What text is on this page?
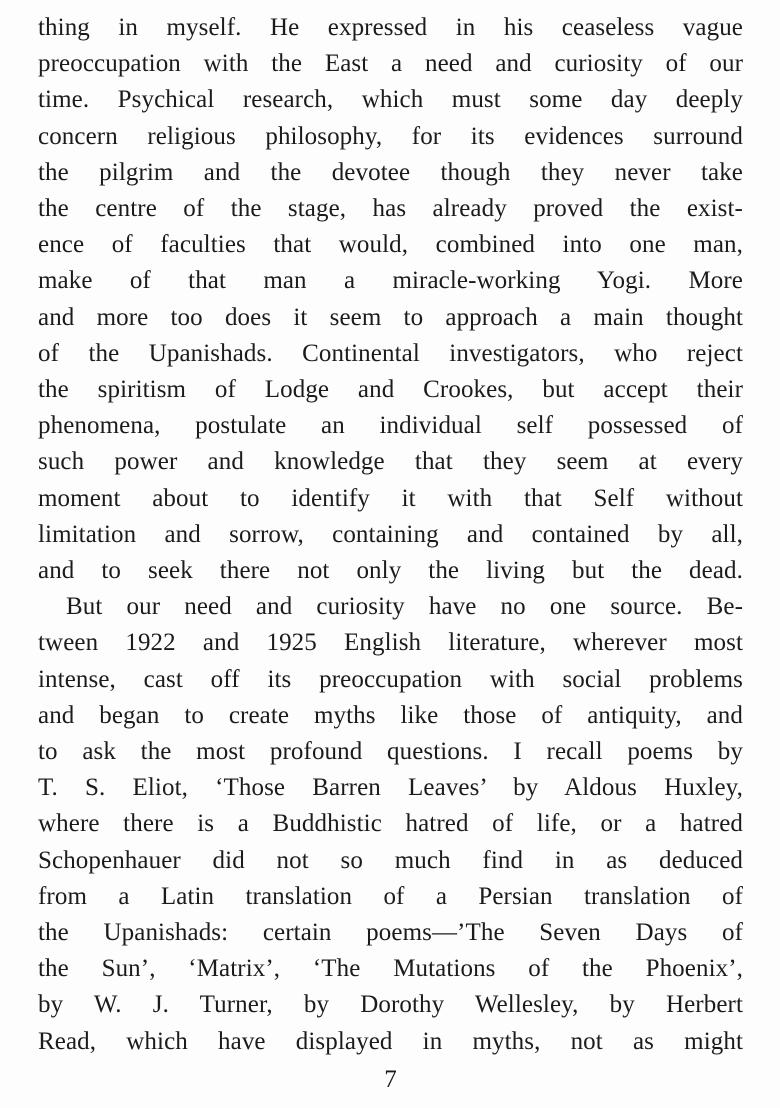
thing in myself. He expressed in his ceaseless vague
preoccupation with the East a need and curiosity of our
time. Psychical research, which must some day deeply
concern religious philosophy, for its evidences surround
the pilgrim and the devotee though they never take
the centre of the stage, has already proved the exist-
ence of faculties that would, combined into one man,
make of that man a miracle-working Yogi. More
and more too does it seem to approach a main thought
of the Upanishads. Continental investigators, who reject
the spiritism of Lodge and Crookes, but accept their
phenomena, postulate an individual self possessed of
such power and knowledge that they seem at every
moment about to identify it with that Self without
limitation and sorrow, containing and contained by all,
and to seek there not only the living but the dead.
But our need and curiosity have no one source. Be-
tween 1922 and 1925 English literature, wherever most
intense, cast off its preoccupation with social problems
and began to create myths like those of antiquity, and
to ask the most profound questions. I recall poems by
T. S. Eliot, ‘Those Barren Leaves’ by Aldous Huxley,
where there is a Buddhistic hatred of life, or a hatred
Schopenhauer did not so much find in as deduced
from a Latin translation of a Persian translation of
the Upanishads: certain poems—’The Seven Days of
the Sun’, ‘Matrix’, ‘The Mutations of the Phoenix’,
by W. J. Turner, by Dorothy Wellesley, by Herbert
Read, which have displayed in myths, not as might
7
